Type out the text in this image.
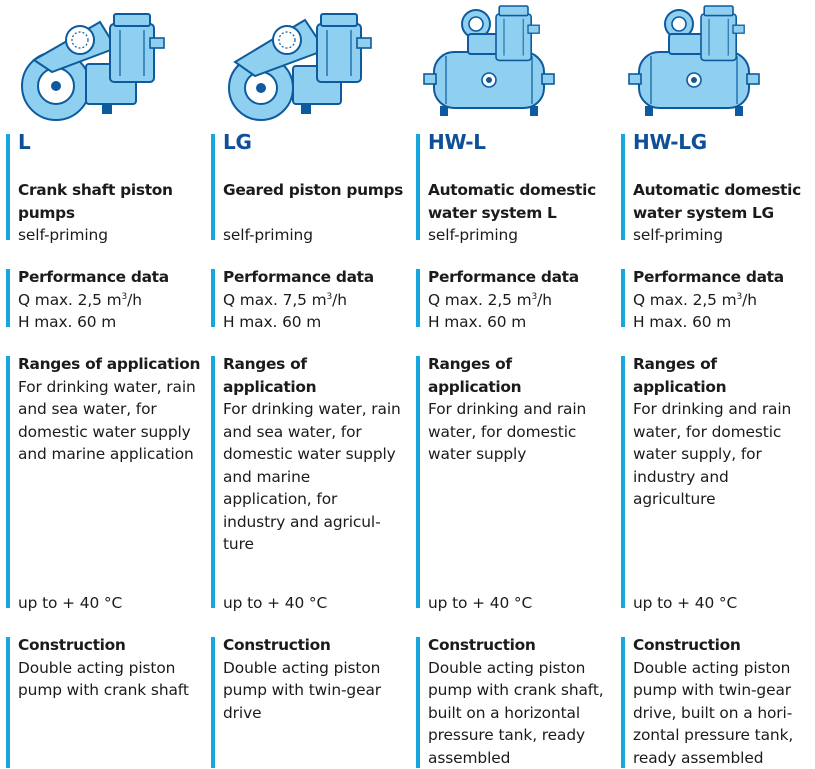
L
Crank shaft piston pumps
self-priming
Performance data
Q max. 2,5 $m^3/h$
H max. 60 m
Ranges of application
For drinking water, rain and sea water, for domestic water supply and marine application
up to + 40 °C
Construction
Double acting piston pump with crank shaft
LG
Geared piston pumps
self-priming
Performance data
Q max. 7,5 $m^3/h$
H max. 60 m
Ranges of application
For drinking water, rain and sea water, for domestic water supply and marine application, for industry and agricul-ture
up to + 40 °C
Construction
Double acting piston pump with twin-gear drive
HW-L
Automatic domestic water system L
self-priming
Performance data
Q max. 2,5 $m^3/h$
H max. 60 m
Ranges of application
For drinking and rain water, for domestic water supply
up to + 40 °C
Construction
Double acting piston pump with crank shaft, built on a horizontal pressure tank, ready assembled
HW-LG
Automatic domestic water system LG
self-priming
Performance data
Q max. 2,5 $m^3/h$
H max. 60 m
Ranges of application
For drinking and rain water, for domestic water supply, for industry and agriculture
up to + 40 °C
Construction
Double acting piston pump with twin-gear drive, built on a hori-zontal pressure tank, ready assembled
